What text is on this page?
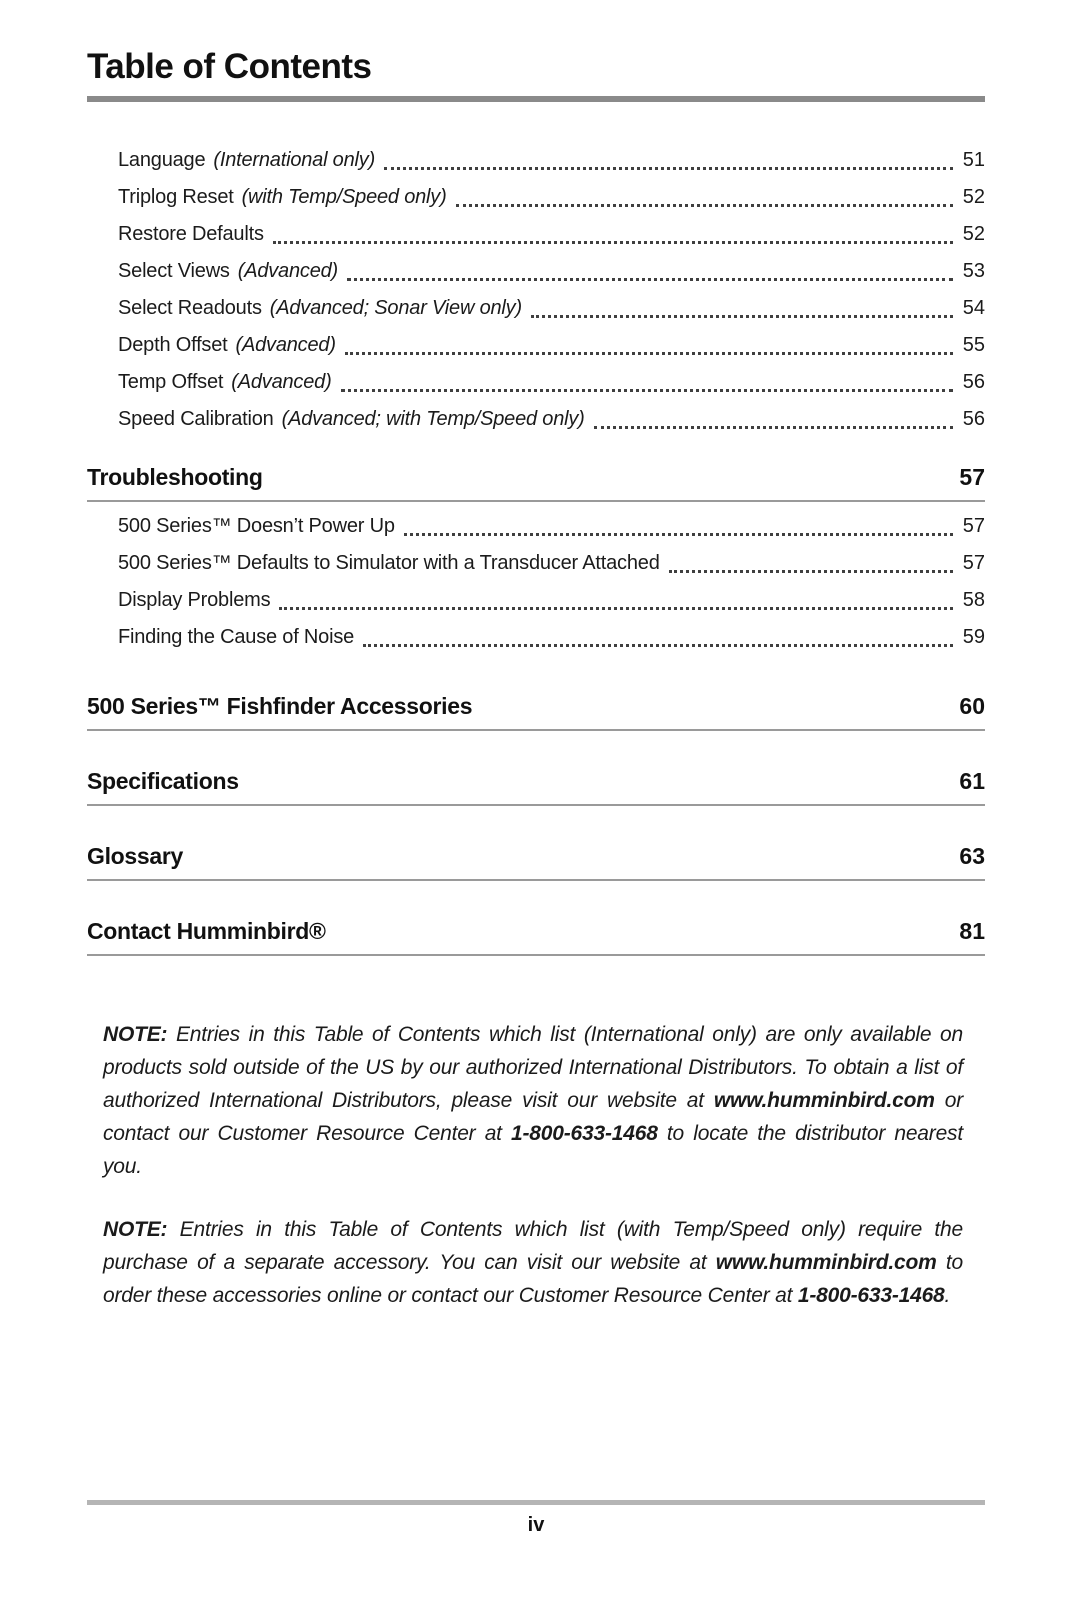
Table of Contents
Language (International only)	51
Triplog Reset (with Temp/Speed only)	52
Restore Defaults	52
Select Views (Advanced)	53
Select Readouts (Advanced; Sonar View only)	54
Depth Offset (Advanced)	55
Temp Offset (Advanced)	56
Speed Calibration (Advanced; with Temp/Speed only)	56
Troubleshooting	57
500 Series™ Doesn’t Power Up	57
500 Series™ Defaults to Simulator with a Transducer Attached	57
Display Problems	58
Finding the Cause of Noise	59
500 Series™ Fishfinder Accessories	60
Specifications	61
Glossary	63
Contact Humminbird®	81

NOTE: Entries in this Table of Contents which list (International only) are only available on products sold outside of the US by our authorized International Distributors. To obtain a list of authorized International Distributors, please visit our website at www.humminbird.com or contact our Customer Resource Center at 1-800-633-1468 to locate the distributor nearest you.

NOTE: Entries in this Table of Contents which list (with Temp/Speed only) require the purchase of a separate accessory. You can visit our website at www.humminbird.com to order these accessories online or contact our Customer Resource Center at 1-800-633-1468.

iv
